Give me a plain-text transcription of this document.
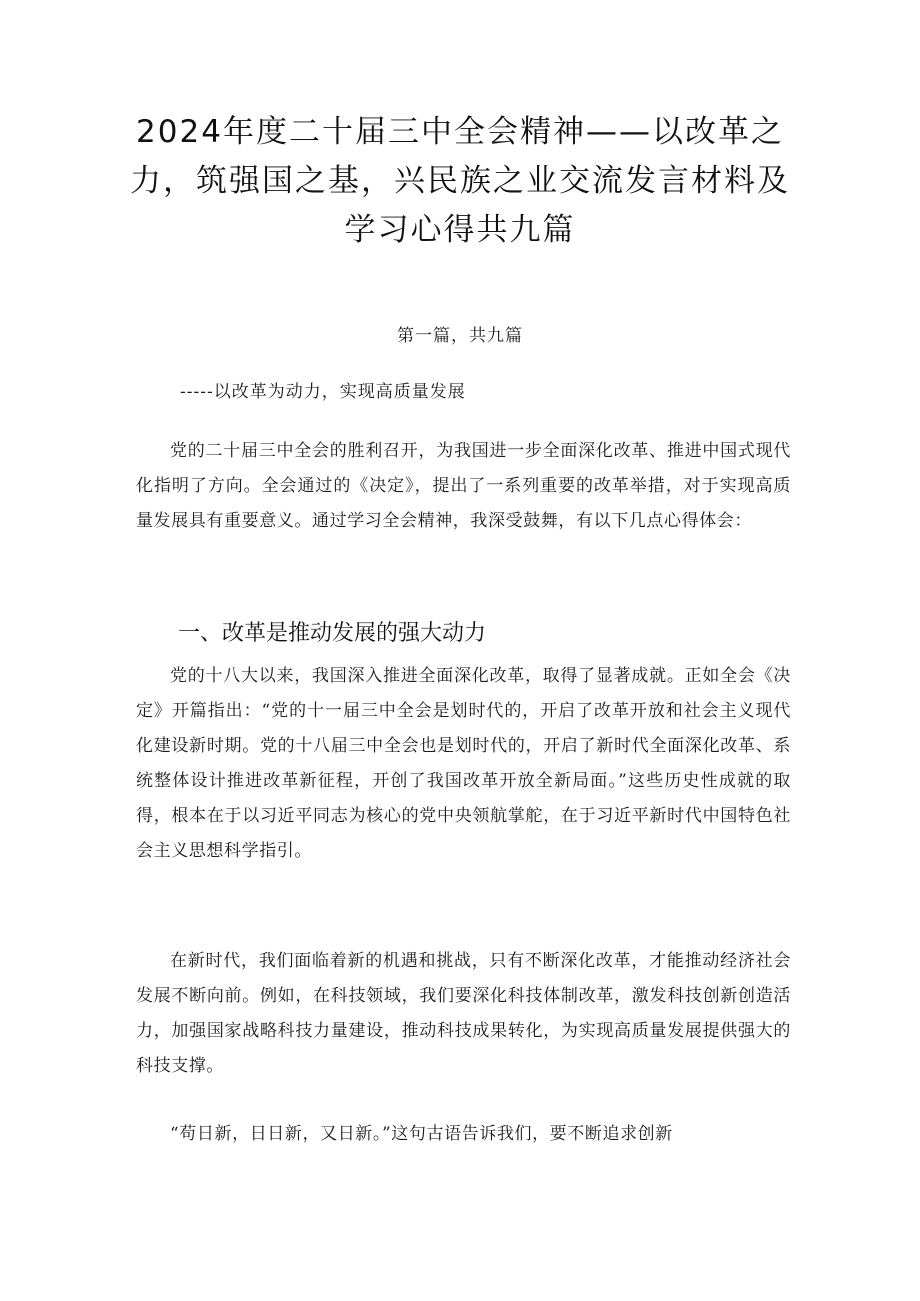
2024年度二十届三中全会精神——以改革之力，筑强国之基，兴民族之业交流发言材料及学习心得共九篇
第一篇，共九篇
-----以改革为动力，实现高质量发展

党的二十届三中全会的胜利召开，为我国进一步全面深化改革、推进中国式现代化指明了方向。全会通过的《决定》，提出了一系列重要的改革举措，对于实现高质量发展具有重要意义。通过学习全会精神，我深受鼓舞，有以下几点心得体会：

一、改革是推动发展的强大动力

党的十八大以来，我国深入推进全面深化改革，取得了显著成就。正如全会《决定》开篇指出：“党的十一届三中全会是划时代的，开启了改革开放和社会主义现代化建设新时期。党的十八届三中全会也是划时代的，开启了新时代全面深化改革、系统整体设计推进改革新征程，开创了我国改革开放全新局面。”这些历史性成就的取得，根本在于以习近平同志为核心的党中央领航掌舵，在于习近平新时代中国特色社会主义思想科学指引。

在新时代，我们面临着新的机遇和挑战，只有不断深化改革，才能推动经济社会发展不断向前。例如，在科技领域，我们要深化科技体制改革，激发科技创新创造活力，加强国家战略科技力量建设，推动科技成果转化，为实现高质量发展提供强大的科技支撑。

“苟日新，日日新，又日新。”这句古语告诉我们，要不断追求创新
